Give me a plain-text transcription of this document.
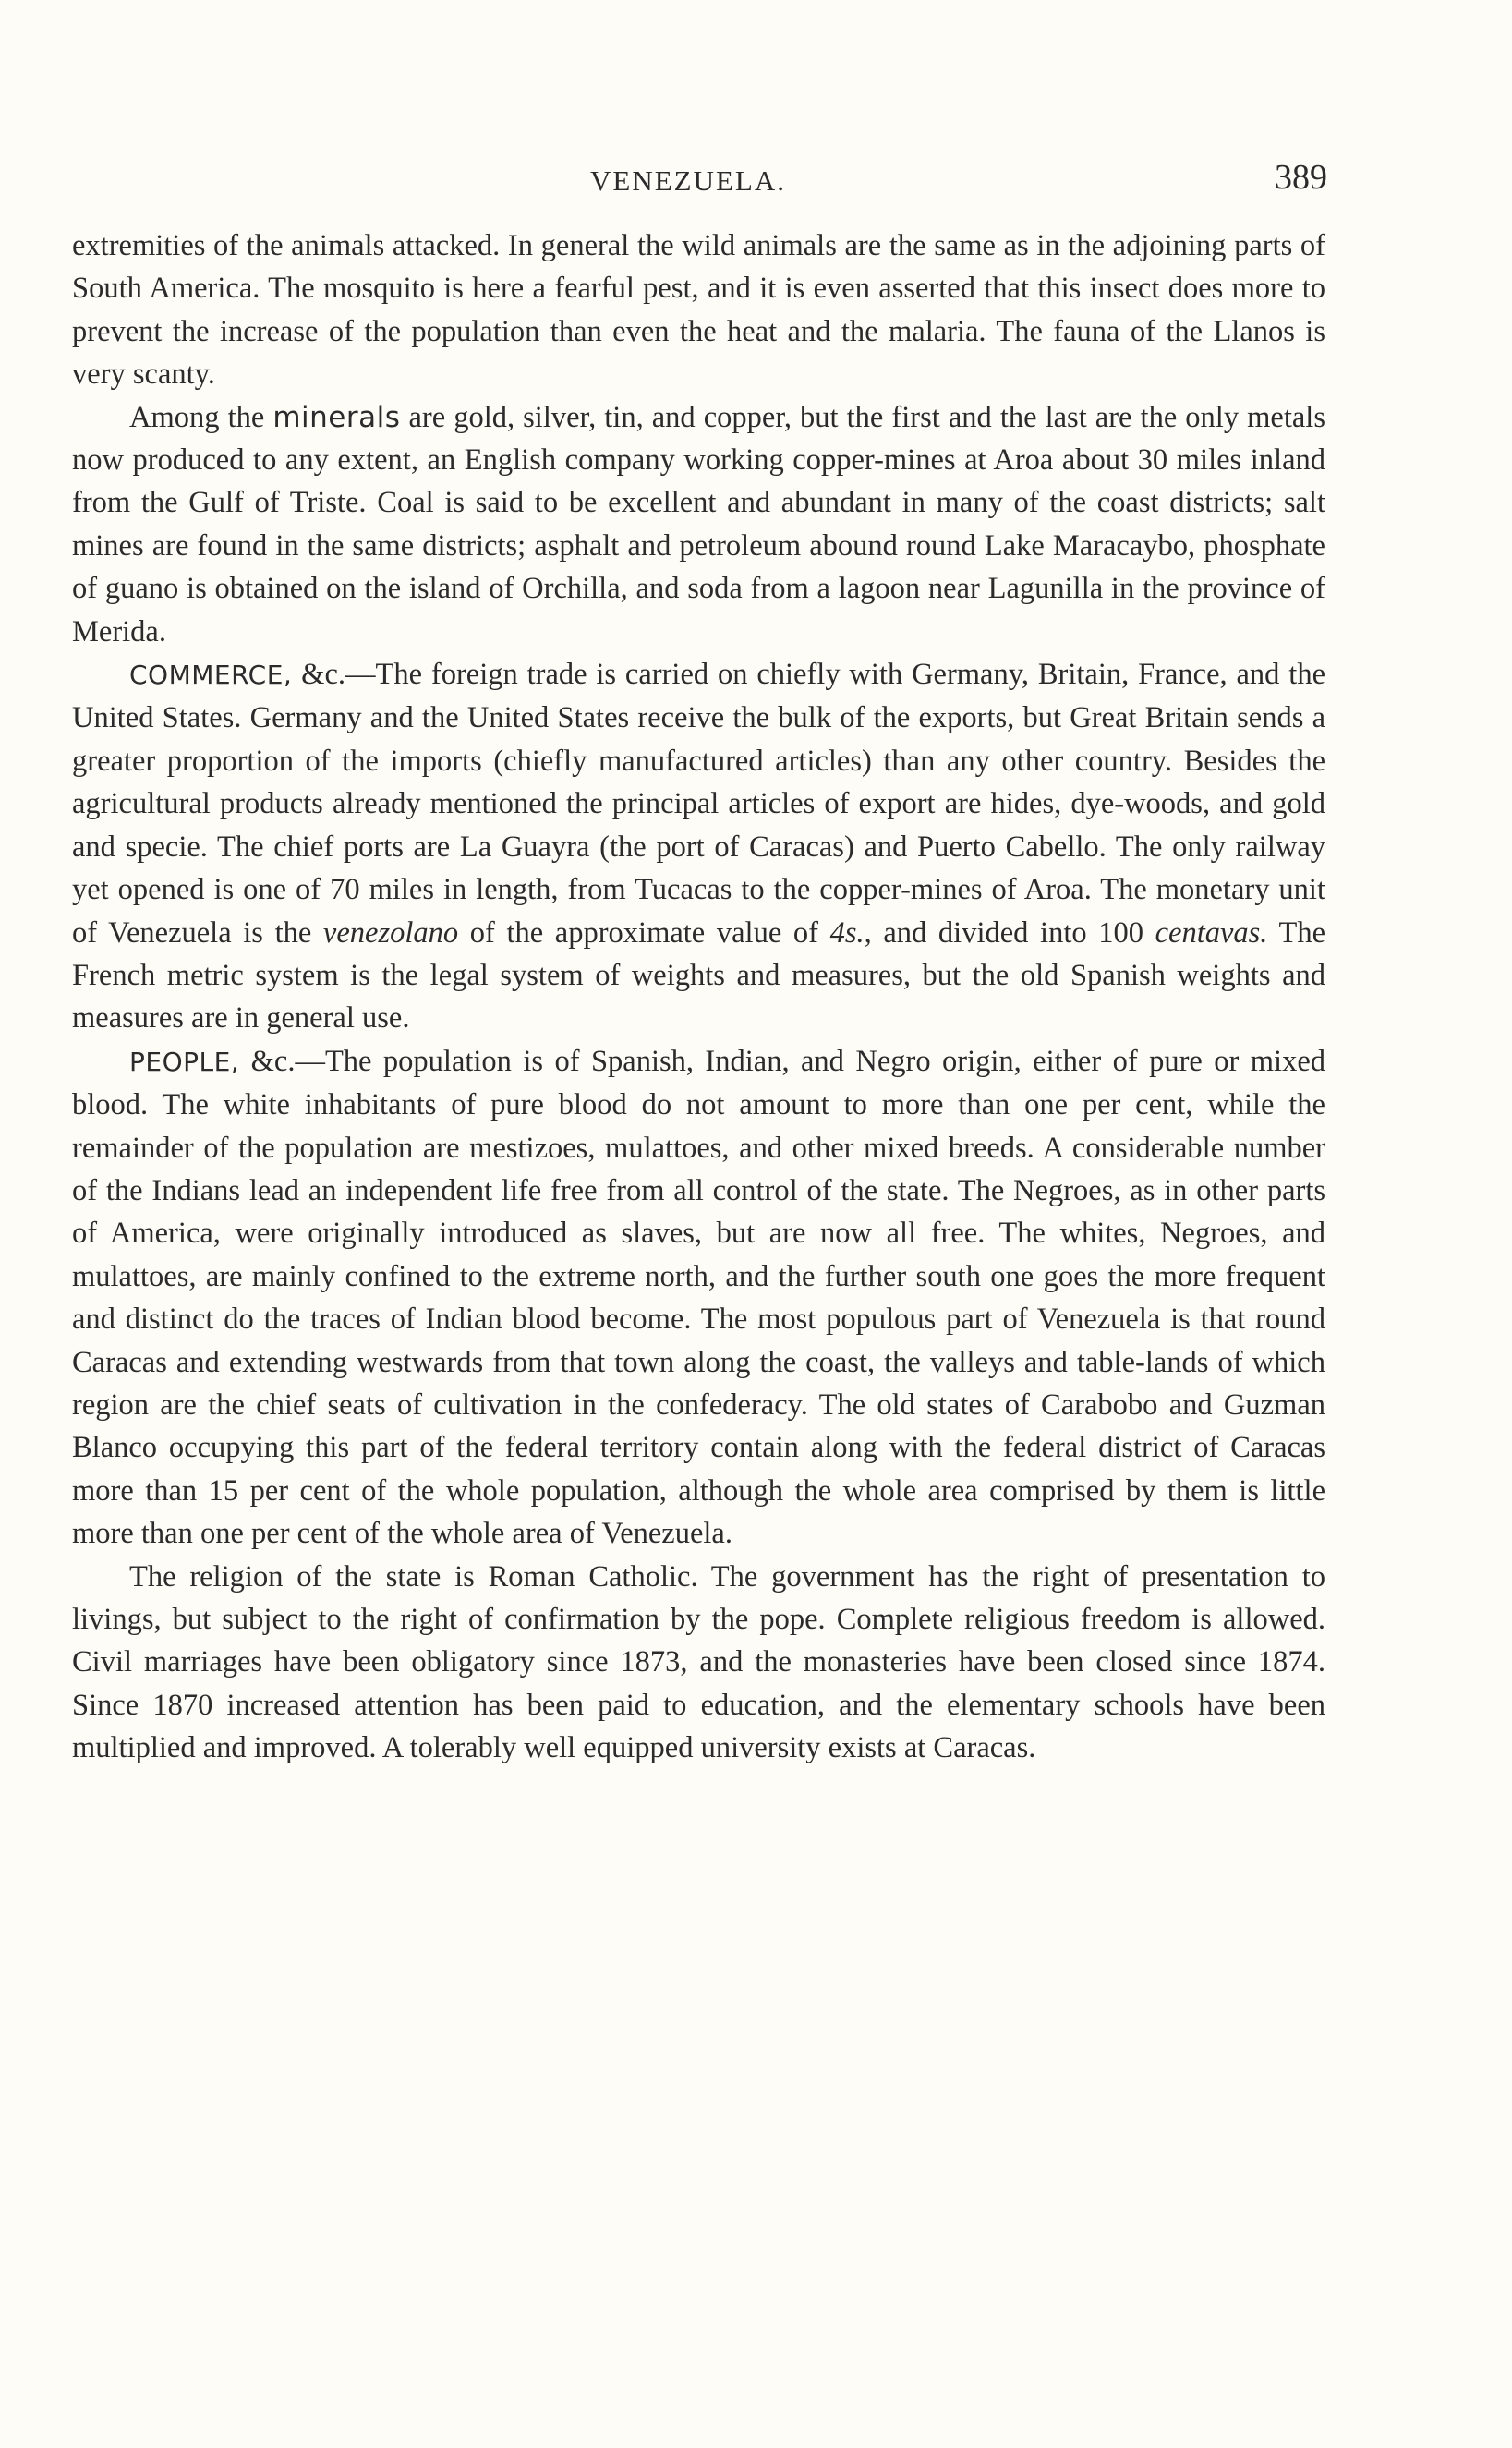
VENEZUELA.	389

extremities of the animals attacked. In general the wild animals are the same as in the adjoining parts of South America. The mosquito is here a fearful pest, and it is even asserted that this insect does more to prevent the increase of the population than even the heat and the malaria. The fauna of the Llanos is very scanty.

Among the minerals are gold, silver, tin, and copper, but the first and the last are the only metals now produced to any extent, an English company working copper-mines at Aroa about 30 miles inland from the Gulf of Triste. Coal is said to be excellent and abundant in many of the coast districts; salt mines are found in the same districts; asphalt and petroleum abound round Lake Maracaybo, phosphate of guano is obtained on the island of Orchilla, and soda from a lagoon near Lagunilla in the province of Merida.

COMMERCE, &c.—The foreign trade is carried on chiefly with Germany, Britain, France, and the United States. Germany and the United States receive the bulk of the exports, but Great Britain sends a greater proportion of the imports (chiefly manufactured articles) than any other country. Besides the agricultural products already mentioned the principal articles of export are hides, dye-woods, and gold and specie. The chief ports are La Guayra (the port of Caracas) and Puerto Cabello. The only railway yet opened is one of 70 miles in length, from Tucacas to the copper-mines of Aroa. The monetary unit of Venezuela is the venezolano of the approximate value of 4s., and divided into 100 centavas. The French metric system is the legal system of weights and measures, but the old Spanish weights and measures are in general use.

PEOPLE, &c.—The population is of Spanish, Indian, and Negro origin, either of pure or mixed blood. The white inhabitants of pure blood do not amount to more than one per cent, while the remainder of the population are mestizoes, mulattoes, and other mixed breeds. A considerable number of the Indians lead an independent life free from all control of the state. The Negroes, as in other parts of America, were originally introduced as slaves, but are now all free. The whites, Negroes, and mulattoes, are mainly confined to the extreme north, and the further south one goes the more frequent and distinct do the traces of Indian blood become. The most populous part of Venezuela is that round Caracas and extending westwards from that town along the coast, the valleys and table-lands of which region are the chief seats of cultivation in the confederacy. The old states of Carabobo and Guzman Blanco occupying this part of the federal territory contain along with the federal district of Caracas more than 15 per cent of the whole population, although the whole area comprised by them is little more than one per cent of the whole area of Venezuela.

The religion of the state is Roman Catholic. The government has the right of presentation to livings, but subject to the right of confirmation by the pope. Complete religious freedom is allowed. Civil marriages have been obligatory since 1873, and the monasteries have been closed since 1874. Since 1870 increased attention has been paid to education, and the elementary schools have been multiplied and improved. A tolerably well equipped university exists at Caracas.
